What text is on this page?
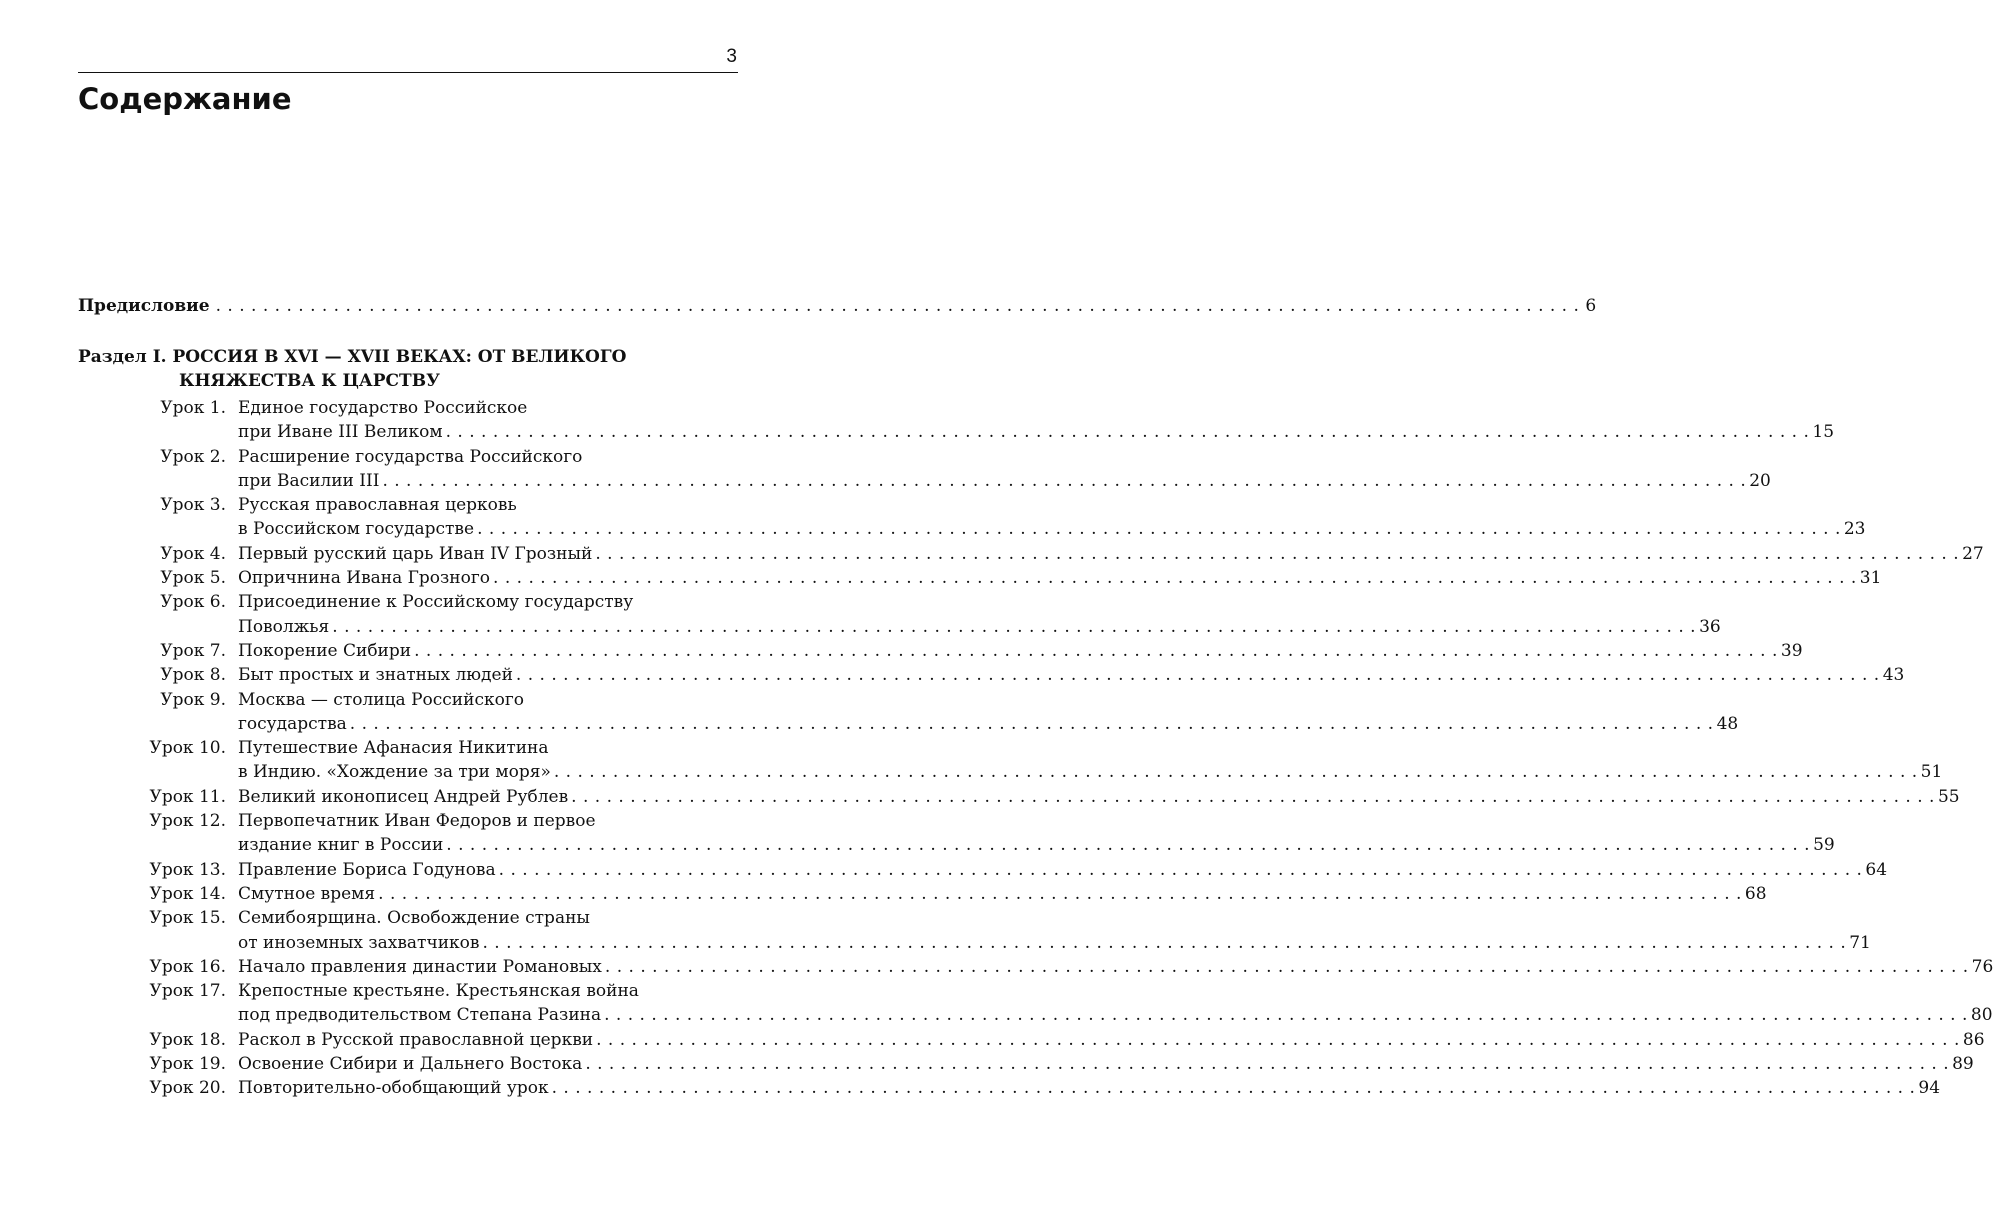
3
Содержание
Предисловие . . .	6
Раздел I. РОССИЯ В XVI — XVII ВЕКАХ: ОТ ВЕЛИКОГО
КНЯЖЕСТВА К ЦАРСТВУ
Урок 1. Единое государство Российское
при Иване III Великом . . .	15
Урок 2. Расширение государства Российского
при Василии III . . .	20
Урок 3. Русская православная церковь
в Российском государстве . . .	23
Урок 4. Первый русский царь Иван IV Грозный . . .	27
Урок 5. Опричнина Ивана Грозного . . .	31
Урок 6. Присоединение к Российскому государству
Поволжья . . .	36
Урок 7. Покорение Сибири . . .	39
Урок 8. Быт простых и знатных людей . . .	43
Урок 9. Москва — столица Российского
государства . . .	48
Урок 10. Путешествие Афанасия Никитина
в Индию. «Хождение за три моря» . . .	51
Урок 11. Великий иконописец Андрей Рублев . . .	55
Урок 12. Первопечатник Иван Федоров и первое
издание книг в России . . .	59
Урок 13. Правление Бориса Годунова . . .	64
Урок 14. Смутное время . . .	68
Урок 15. Семибоярщина. Освобождение страны
от иноземных захватчиков . . .	71
Урок 16. Начало правления династии Романовых . . .	76
Урок 17. Крепостные крестьяне. Крестьянская война
под предводительством Степана Разина . . .	80
Урок 18. Раскол в Русской православной церкви . . .	86
Урок 19. Освоение Сибири и Дальнего Востока . . .	89
Урок 20. Повторительно-обобщающий урок . . .	94
